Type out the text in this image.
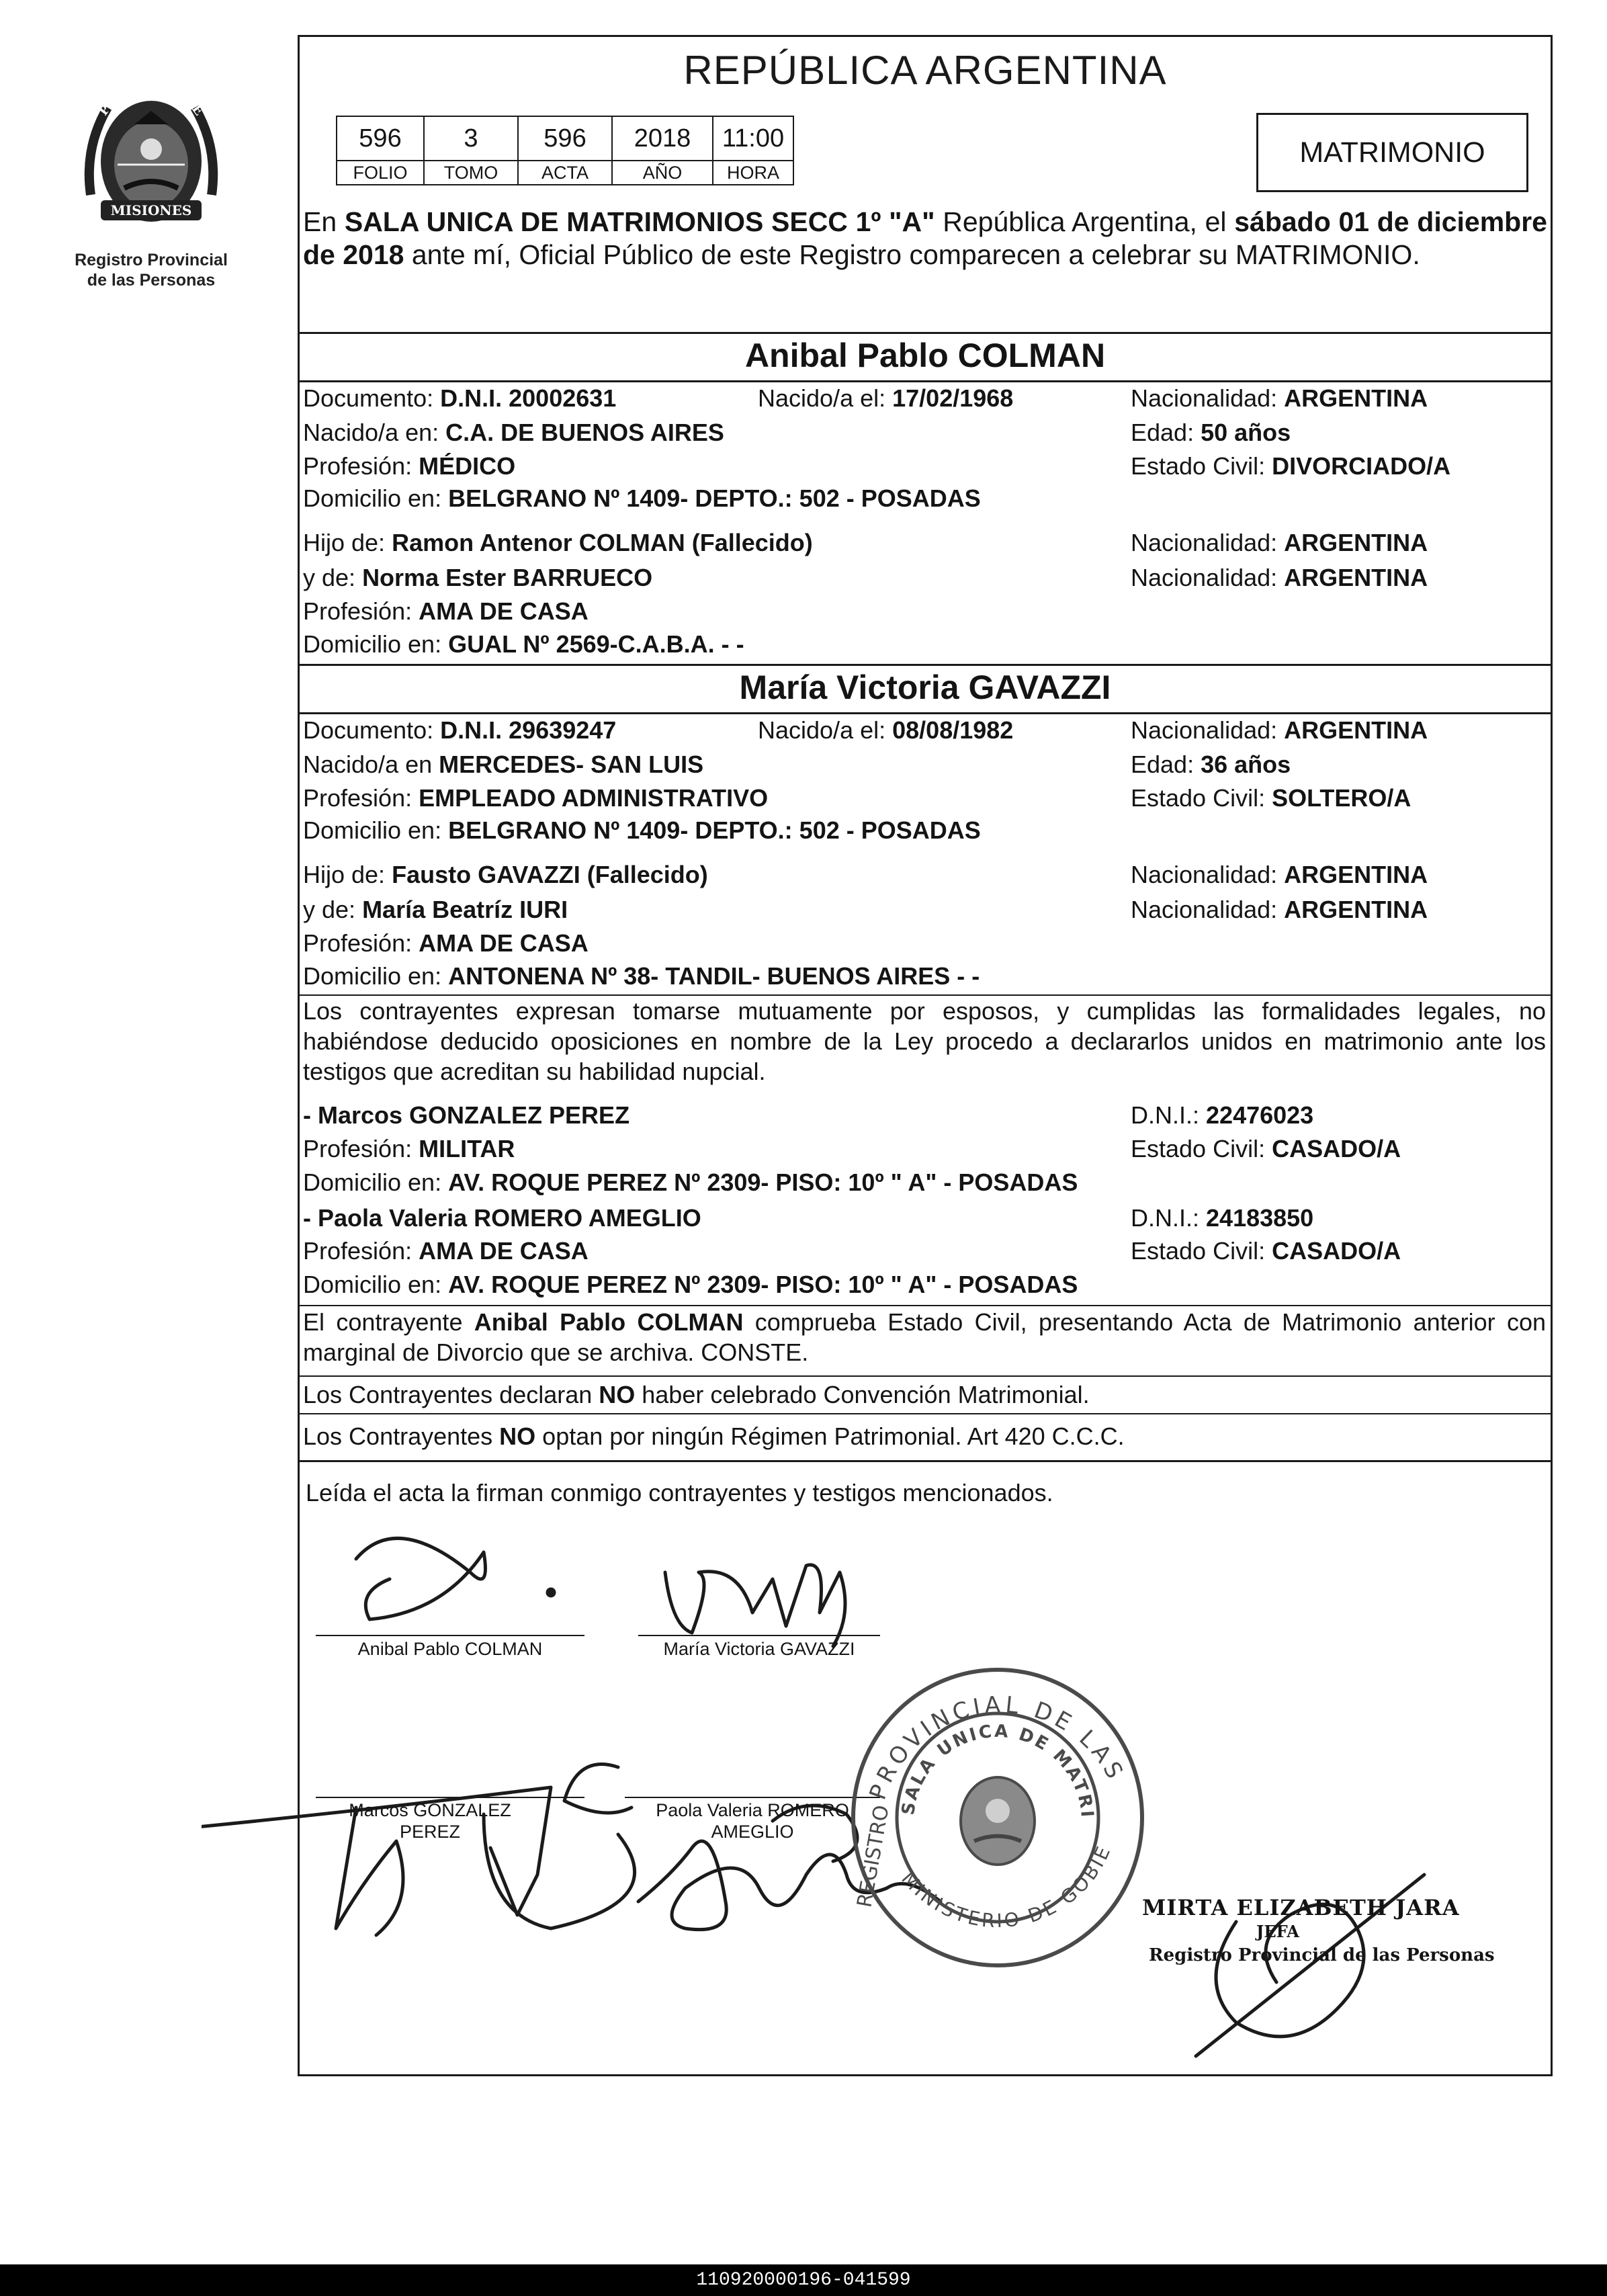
PROVINCIA DE
MISIONES
Registro Provincial
de las Personas
REPÚBLICA ARGENTINA
596	3	596	2018	11:00
FOLIO	TOMO	ACTA	AÑO	HORA
MATRIMONIO
En SALA UNICA DE MATRIMONIOS SECC 1º "A" República Argentina, el sábado 01 de diciembre de 2018 ante mí, Oficial Público de este Registro comparecen a celebrar su MATRIMONIO.
Anibal Pablo COLMAN
Documento: D.N.I. 20002631	Nacido/a el: 17/02/1968	Nacionalidad: ARGENTINA
Nacido/a en: C.A. DE BUENOS AIRES	Edad: 50 años
Profesión: MÉDICO	Estado Civil: DIVORCIADO/A
Domicilio en: BELGRANO Nº 1409- DEPTO.: 502 - POSADAS
Hijo de: Ramon Antenor COLMAN (Fallecido)	Nacionalidad: ARGENTINA
y de: Norma Ester BARRUECO	Nacionalidad: ARGENTINA
Profesión: AMA DE CASA
Domicilio en: GUAL Nº 2569-C.A.B.A. - -
María Victoria GAVAZZI
Documento: D.N.I. 29639247	Nacido/a el: 08/08/1982	Nacionalidad: ARGENTINA
Nacido/a en MERCEDES- SAN LUIS	Edad: 36 años
Profesión: EMPLEADO ADMINISTRATIVO	Estado Civil: SOLTERO/A
Domicilio en: BELGRANO Nº 1409- DEPTO.: 502 - POSADAS
Hijo de: Fausto GAVAZZI (Fallecido)	Nacionalidad: ARGENTINA
y de: María Beatríz IURI	Nacionalidad: ARGENTINA
Profesión: AMA DE CASA
Domicilio en: ANTONENA Nº 38- TANDIL- BUENOS AIRES - -
Los contrayentes expresan tomarse mutuamente por esposos, y cumplidas las formalidades legales, no habiéndose deducido oposiciones en nombre de la Ley procedo a declararlos unidos en matrimonio ante los testigos que acreditan su habilidad nupcial.
- Marcos GONZALEZ PEREZ	D.N.I.: 22476023
Profesión: MILITAR	Estado Civil: CASADO/A
Domicilio en: AV. ROQUE PEREZ Nº 2309- PISO: 10º " A" - POSADAS
- Paola Valeria ROMERO AMEGLIO	D.N.I.: 24183850
Profesión: AMA DE CASA	Estado Civil: CASADO/A
Domicilio en: AV. ROQUE PEREZ Nº 2309- PISO: 10º " A" - POSADAS
El contrayente Anibal Pablo COLMAN comprueba Estado Civil, presentando Acta de Matrimonio anterior con marginal de Divorcio que se archiva. CONSTE.
Los Contrayentes declaran NO haber celebrado Convención Matrimonial.
Los Contrayentes NO optan por ningún Régimen Patrimonial. Art 420 C.C.C.
Leída el acta la firman conmigo contrayentes y testigos mencionados.
Anibal Pablo COLMAN	María Victoria GAVAZZI
Marcos GONZALEZ
PEREZ
Paola Valeria ROMERO
AMEGLIO
PROVINCIAL DE LAS
REGISTRO MINISTERIO DE GOBIE
SALA UNICA DE MATRI
MIRTA ELIZABETH JARA
JEFA
Registro Provincial de las Personas
110920000196-041599
